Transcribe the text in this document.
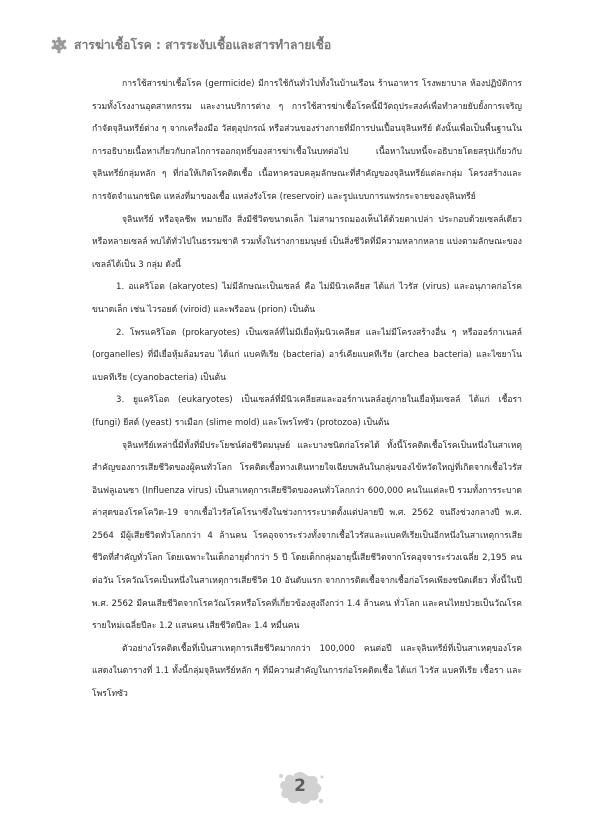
สารฆ่าเชื้อโรค : สารระงับเชื้อและสารทำลายเชื้อ

การใช้สารฆ่าเชื้อโรค (germicide) มีการใช้กันทั่วไปทั้งในบ้านเรือน ร้านอาหาร โรงพยาบาล ห้องปฏิบัติการ รวมทั้งโรงงานอุตสาหกรรม และงานบริการต่าง ๆ การใช้สารฆ่าเชื้อโรคนี้มีวัตถุประสงค์เพื่อทำลายยับยั้งการเจริญ กำจัดจุลินทรีย์ต่าง ๆ จากเครื่องมือ วัสดุอุปกรณ์ หรือส่วนของร่างกายที่มีการปนเปื้อนจุลินทรีย์ ดังนั้นเพื่อเป็นพื้นฐานในการอธิบายเนื้อหาเกี่ยวกับกลไกการออกฤทธิ์ของสารฆ่าเชื้อในบทต่อไป เนื้อหาในบทนี้จะอธิบายโดยสรุปเกี่ยวกับจุลินทรีย์กลุ่มหลัก ๆ ที่ก่อให้เกิดโรคติดเชื้อ เนื้อหาครอบคลุมลักษณะที่สำคัญของจุลินทรีย์แต่ละกลุ่ม โครงสร้างและการจัดจำแนกชนิด แหล่งที่มาของเชื้อ แหล่งรังโรค (reservoir) และรูปแบบการแพร่กระจายของจุลินทรีย์

จุลินทรีย์ หรือจุลชีพ หมายถึง สิ่งมีชีวิตขนาดเล็ก ไม่สามารถมองเห็นได้ด้วยตาเปล่า ประกอบด้วยเซลล์เดียว หรือหลายเซลล์ พบได้ทั่วไปในธรรมชาติ รวมทั้งในร่างกายมนุษย์ เป็นสิ่งชีวิตที่มีความหลากหลาย แบ่งตามลักษณะของเซลล์ได้เป็น 3 กลุ่ม ดังนี้

1. อแคริโอต (akaryotes) ไม่มีลักษณะเป็นเซลล์ คือ ไม่มีนิวเคลียส ได้แก่ ไวรัส (virus) และอนุภาคก่อโรคขนาดเล็ก เช่น ไวรอยด์ (viroid) และพรีออน (prion) เป็นต้น

2. โพรแคริโอต (prokaryotes) เป็นเซลล์ที่ไม่มีเยื่อหุ้มนิวเคลียส และไม่มีโครงสร้างอื่น ๆ หรือออร์กาเนลล์ (organelles) ที่มีเยื่อหุ้มล้อมรอบ ได้แก่ แบคทีเรีย (bacteria) อาร์เคียแบคทีเรีย (archea bacteria) และไซยาโนแบคทีเรีย (cyanobacteria) เป็นต้น

3. ยูแคริโอต (eukaryotes) เป็นเซลล์ที่มีนิวเคลียสและออร์กาเนลล์อยู่ภายในเยื่อหุ้มเซลล์ ได้แก่ เชื้อรา (fungi) ยีสต์ (yeast) ราเมือก (slime mold) และโพรโทซัว (protozoa) เป็นต้น

จุลินทรีย์เหล่านี้มีทั้งที่มีประโยชน์ต่อชีวิตมนุษย์ และบางชนิดก่อโรคได้ ทั้งนี้โรคติดเชื้อโรคเป็นหนึ่งในสาเหตุสำคัญของการเสียชีวิตของผู้คนทั่วโลก โรคติดเชื้อทางเดินหายใจเฉียบพลันในกลุ่มของไข้หวัดใหญ่ที่เกิดจากเชื้อไวรัสอินฟลูเอนซา (Influenza virus) เป็นสาเหตุการเสียชีวิตของคนทั่วโลกกว่า 600,000 คนในแต่ละปี รวมทั้งการระบาดล่าสุดของโรคโควิด-19 จากเชื้อไวรัสโคโรนาซึ่งในช่วงการระบาดตั้งแต่ปลายปี พ.ศ. 2562 จนถึงช่วงกลางปี พ.ศ. 2564 มีผู้เสียชีวิตทั่วโลกกว่า 4 ล้านคน โรคอุจจาระร่วงทั้งจากเชื้อไวรัสและแบคทีเรียเป็นอีกหนึ่งในสาเหตุการเสียชีวิตที่สำคัญทั่วโลก โดยเฉพาะในเด็กอายุต่ำกว่า 5 ปี โดยเด็กกลุ่มอายุนี้เสียชีวิตจากโรคอุจจาระร่วงเฉลี่ย 2,195 คนต่อวัน โรควัณโรคเป็นหนึ่งในสาเหตุการเสียชีวิต 10 อันดับแรก จากการติดเชื้อจากเชื้อก่อโรคเพียงชนิดเดียว ทั้งนี้ในปี พ.ศ. 2562 มีคนเสียชีวิตจากโรควัณโรคหรือโรคที่เกี่ยวข้องสูงถึงกว่า 1.4 ล้านคน ทั่วโลก และคนไทยป่วยเป็นวัณโรครายใหม่เฉลี่ยปีละ 1.2 แสนคน เสียชีวิตปีละ 1.4 หมื่นคน

ตัวอย่างโรคติดเชื้อที่เป็นสาเหตุการเสียชีวิตมากกว่า 100,000 คนต่อปี และจุลินทรีย์ที่เป็นสาเหตุของโรค แสดงในตารางที่ 1.1 ทั้งนี้กลุ่มจุลินทรีย์หลัก ๆ ที่มีความสำคัญในการก่อโรคติดเชื้อ ได้แก่ ไวรัส แบคทีเรีย เชื้อรา และโพรโทซัว

2
